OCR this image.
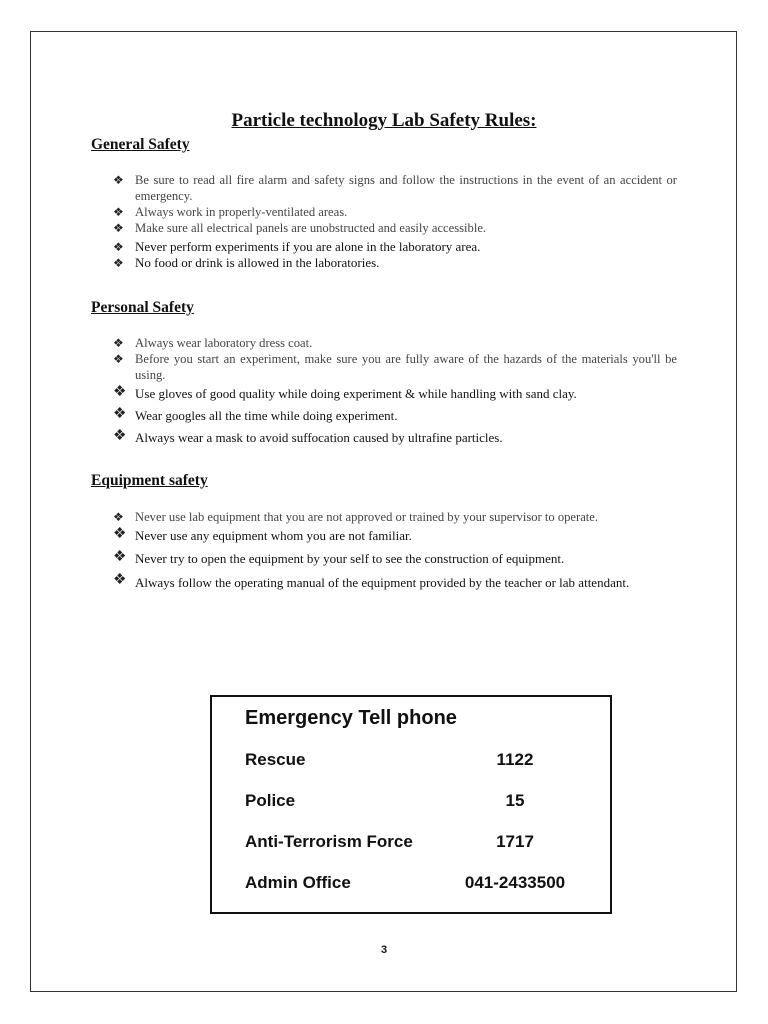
Particle technology Lab Safety Rules:
General Safety
❖ Be sure to read all fire alarm and safety signs and follow the instructions in the event of an accident or emergency.
❖ Always work in properly-ventilated areas.
❖ Make sure all electrical panels are unobstructed and easily accessible.
❖ Never perform experiments if you are alone in the laboratory area.
❖ No food or drink is allowed in the laboratories.
Personal Safety
❖ Always wear laboratory dress coat.
❖ Before you start an experiment, make sure you are fully aware of the hazards of the materials you'll be using.
❖ Use gloves of good quality while doing experiment & while handling with sand clay.
❖ Wear googles all the time while doing experiment.
❖ Always wear a mask to avoid suffocation caused by ultrafine particles.
Equipment safety
❖ Never use lab equipment that you are not approved or trained by your supervisor to operate.
❖ Never use any equipment whom you are not familiar.
❖ Never try to open the equipment by your self to see the construction of equipment.
❖ Always follow the operating manual of the equipment provided by the teacher or lab attendant.
Emergency Tell phone
Rescue	1122
Police	15
Anti-Terrorism Force	1717
Admin Office	041-2433500
3
